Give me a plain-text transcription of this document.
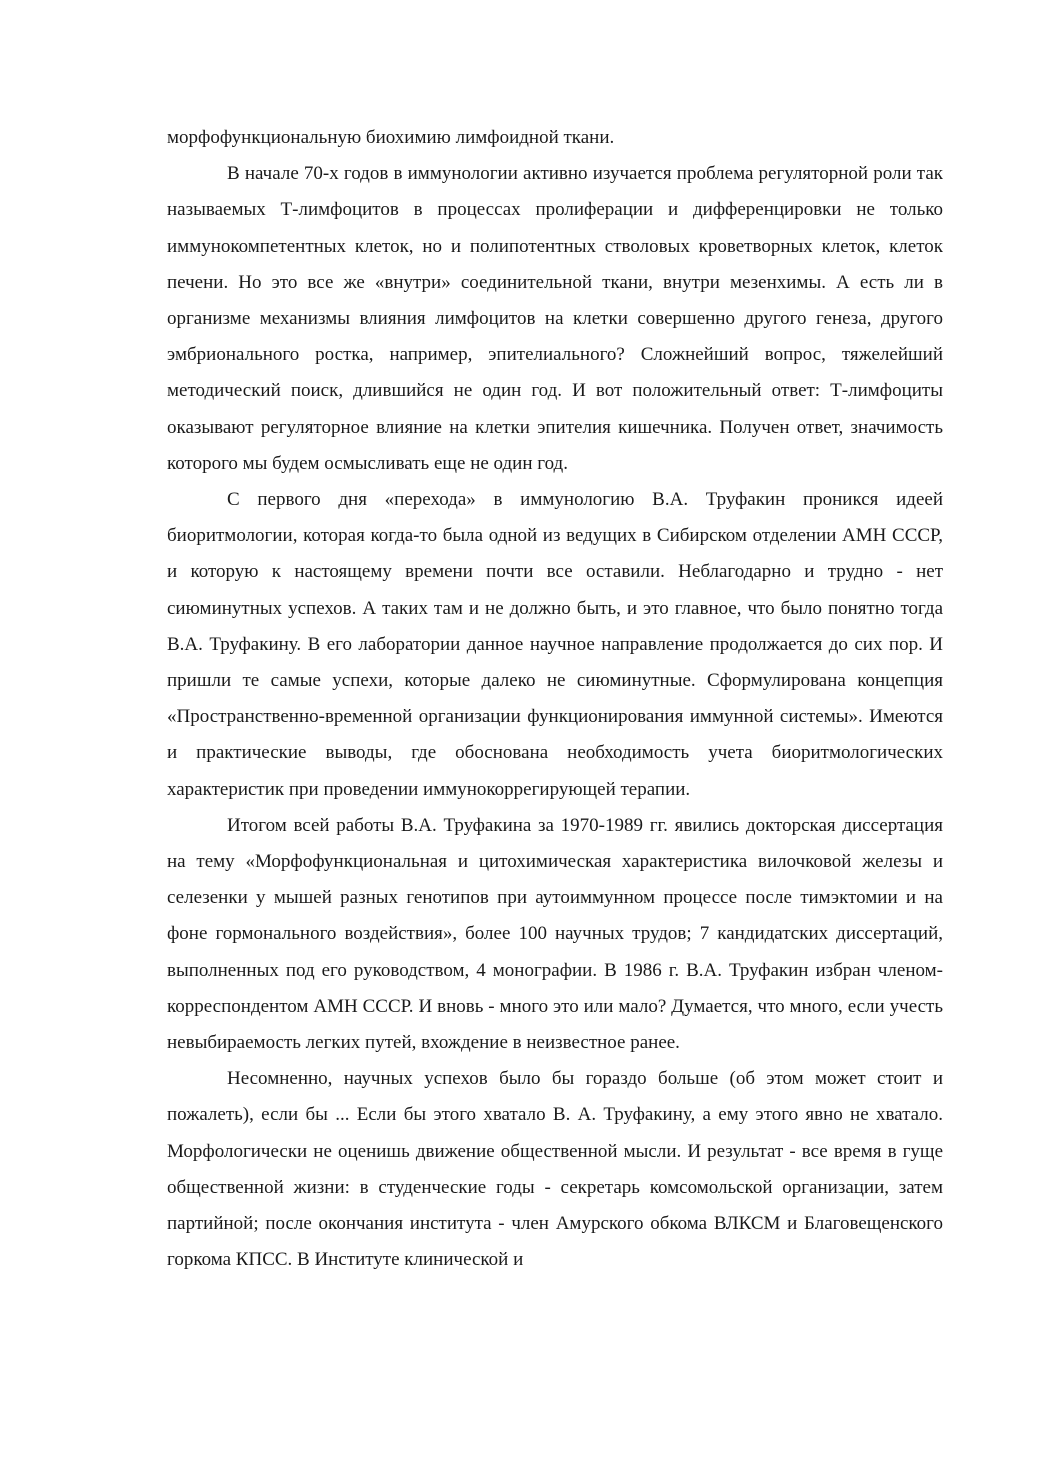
морфофункциональную биохимию лимфоидной ткани.

В начале 70-х годов в иммунологии активно изучается проблема регуляторной роли так называемых Т-лимфоцитов в процессах пролиферации и дифференцировки не только иммунокомпетентных клеток, но и полипотентных стволовых кроветворных клеток, клеток печени. Но это все же «внутри» соединительной ткани, внутри мезенхимы. А есть ли в организме механизмы влияния лимфоцитов на клетки совершенно другого генеза, другого эмбрионального ростка, например, эпителиального? Сложнейший вопрос, тяжелейший методический поиск, длившийся не один год. И вот положительный ответ: Т-лимфоциты оказывают регуляторное влияние на клетки эпителия кишечника. Получен ответ, значимость которого мы будем осмысливать еще не один год.

С первого дня «перехода» в иммунологию В.А. Труфакин проникся идеей биоритмологии, которая когда-то была одной из ведущих в Сибирском отделении АМН СССР, и которую к настоящему времени почти все оставили. Неблагодарно и трудно - нет сиюминутных успехов. А таких там и не должно быть, и это главное, что было понятно тогда В.А. Труфакину. В его лаборатории данное научное направление продолжается до сих пор. И пришли те самые успехи, которые далеко не сиюминутные. Сформулирована концепция «Пространственно-временной организации функционирования иммунной системы». Имеются и практические выводы, где обоснована необходимость учета биоритмологических характеристик при проведении иммунокоррегирующей терапии.

Итогом всей работы В.А. Труфакина за 1970-1989 гг. явились докторская диссертация на тему «Морфофункциональная и цитохимическая характеристика вилочковой железы и селезенки у мышей разных генотипов при аутоиммунном процессе после тимэктомии и на фоне гормонального воздействия», более 100 научных трудов; 7 кандидатских диссертаций, выполненных под его руководством, 4 монографии. В 1986 г. В.А. Труфакин избран членом-корреспондентом АМН СССР. И вновь - много это или мало? Думается, что много, если учесть невыбираемость легких путей, вхождение в неизвестное ранее.

Несомненно, научных успехов было бы гораздо больше (об этом может стоит и пожалеть), если бы ... Если бы этого хватало В. А. Труфакину, а ему этого явно не хватало. Морфологически не оценишь движение общественной мысли. И результат - все время в гуще общественной жизни: в студенческие годы - секретарь комсомольской организации, затем партийной; после окончания института - член Амурского обкома ВЛКСМ и Благовещенского горкома КПСС. В Институте клинической и
